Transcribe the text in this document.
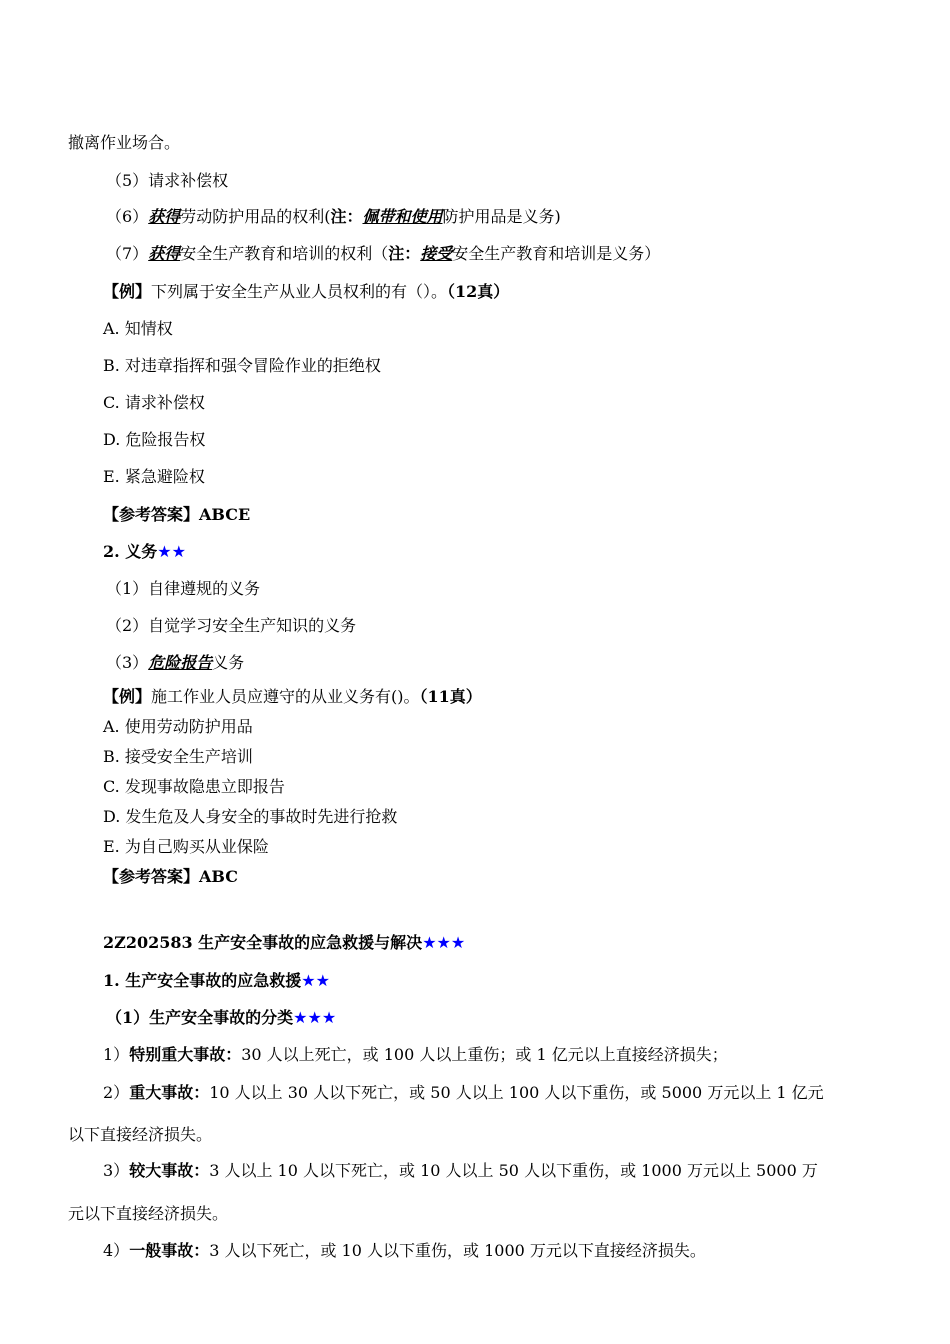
撤离作业场合。
（5）请求补偿权
（6）获得劳动防护用品的权利(注：佩带和使用防护用品是义务)
（7）获得安全生产教育和培训的权利（注：接受安全生产教育和培训是义务）
【例】下列属于安全生产从业人员权利的有（）。（12真）
A. 知情权
B. 对违章指挥和强令冒险作业的拒绝权
C. 请求补偿权
D. 危险报告权
E. 紧急避险权
【参考答案】ABCE
2. 义务★★
（1）自律遵规的义务
（2）自觉学习安全生产知识的义务
（3）危险报告义务
【例】施工作业人员应遵守的从业义务有()。（11真）
A. 使用劳动防护用品
B. 接受安全生产培训
C. 发现事故隐患立即报告
D. 发生危及人身安全的事故时先进行抢救
E. 为自己购买从业保险
【参考答案】ABC
2Z202583 生产安全事故的应急救援与解决★★★
1. 生产安全事故的应急救援★★
（1）生产安全事故的分类★★★
1）特别重大事故：30 人以上死亡，或 100 人以上重伤；或 1 亿元以上直接经济损失；
2）重大事故：10 人以上 30 人以下死亡，或 50 人以上 100 人以下重伤，或 5000 万元以上 1 亿元
以下直接经济损失。
3）较大事故：3 人以上 10 人以下死亡，或 10 人以上 50 人以下重伤，或 1000 万元以上 5000 万
元以下直接经济损失。
4）一般事故：3 人以下死亡，或 10 人以下重伤，或 1000 万元以下直接经济损失。
